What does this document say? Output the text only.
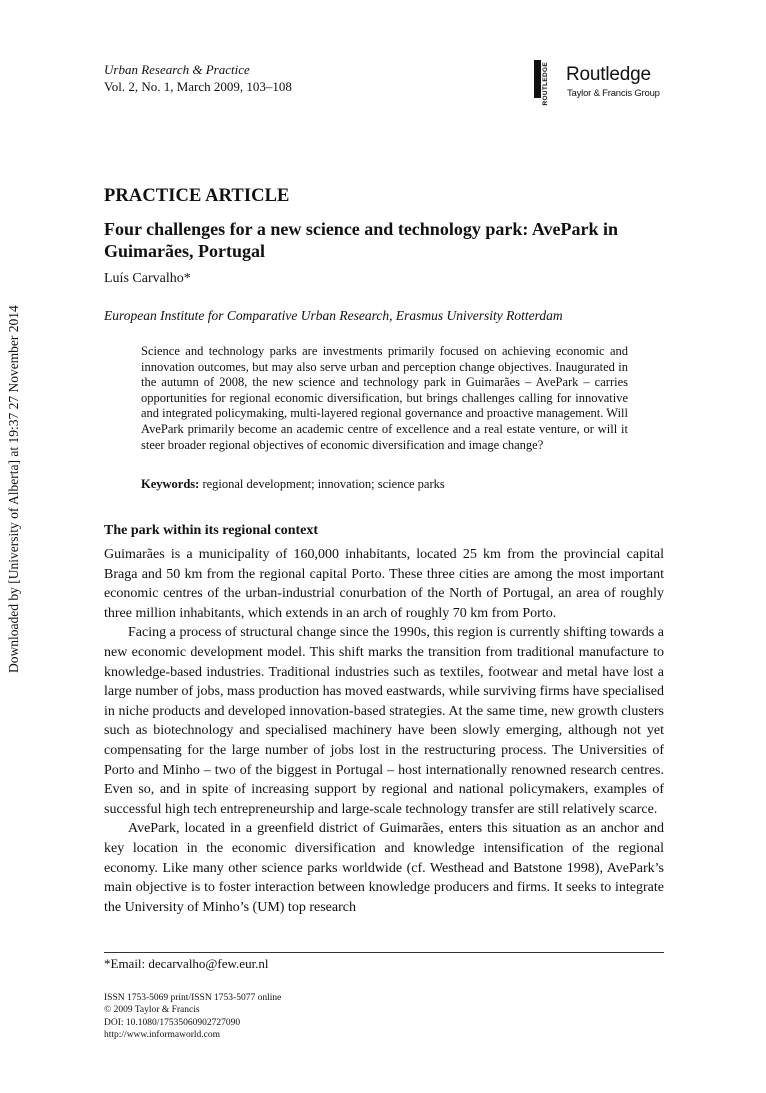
Urban Research & Practice
Vol. 2, No. 1, March 2009, 103–108	ROUTLEDGE Routledge
Taylor & Francis Group
Downloaded by [University of Alberta] at 19:37 27 November 2014
PRACTICE ARTICLE
Four challenges for a new science and technology park: AvePark in Guimarães, Portugal
Luís Carvalho*
European Institute for Comparative Urban Research, Erasmus University Rotterdam
Science and technology parks are investments primarily focused on achieving economic and innovation outcomes, but may also serve urban and perception change objectives. Inaugurated in the autumn of 2008, the new science and technology park in Guimarães – AvePark – carries opportunities for regional economic diversification, but brings challenges calling for innovative and integrated policymaking, multi-layered regional governance and proactive management. Will AvePark primarily become an academic centre of excellence and a real estate venture, or will it steer broader regional objectives of economic diversification and image change?
Keywords: regional development; innovation; science parks
The park within its regional context

Guimarães is a municipality of 160,000 inhabitants, located 25 km from the provincial capital Braga and 50 km from the regional capital Porto. These three cities are among the most important economic centres of the urban-industrial conurbation of the North of Portugal, an area of roughly three million inhabitants, which extends in an arch of roughly 70 km from Porto.

Facing a process of structural change since the 1990s, this region is currently shifting towards a new economic development model. This shift marks the transition from traditional manufacture to knowledge-based industries. Traditional industries such as textiles, footwear and metal have lost a large number of jobs, mass production has moved eastwards, while surviving firms have specialised in niche products and developed innovation-based strategies. At the same time, new growth clusters such as biotechnology and specialised machinery have been slowly emerging, although not yet compensating for the large number of jobs lost in the restructuring process. The Universities of Porto and Minho – two of the biggest in Portugal – host internationally renowned research centres. Even so, and in spite of increasing support by regional and national policymakers, examples of successful high tech entrepreneurship and large-scale technology transfer are still relatively scarce.

AvePark, located in a greenfield district of Guimarães, enters this situation as an anchor and key location in the economic diversification and knowledge intensification of the regional economy. Like many other science parks worldwide (cf. Westhead and Batstone 1998), AvePark’s main objective is to foster interaction between knowledge producers and firms. It seeks to integrate the University of Minho’s (UM) top research

*Email: decarvalho@few.eur.nl
ISSN 1753-5069 print/ISSN 1753-5077 online
© 2009 Taylor & Francis
DOI: 10.1080/17535060902727090
http://www.informaworld.com
